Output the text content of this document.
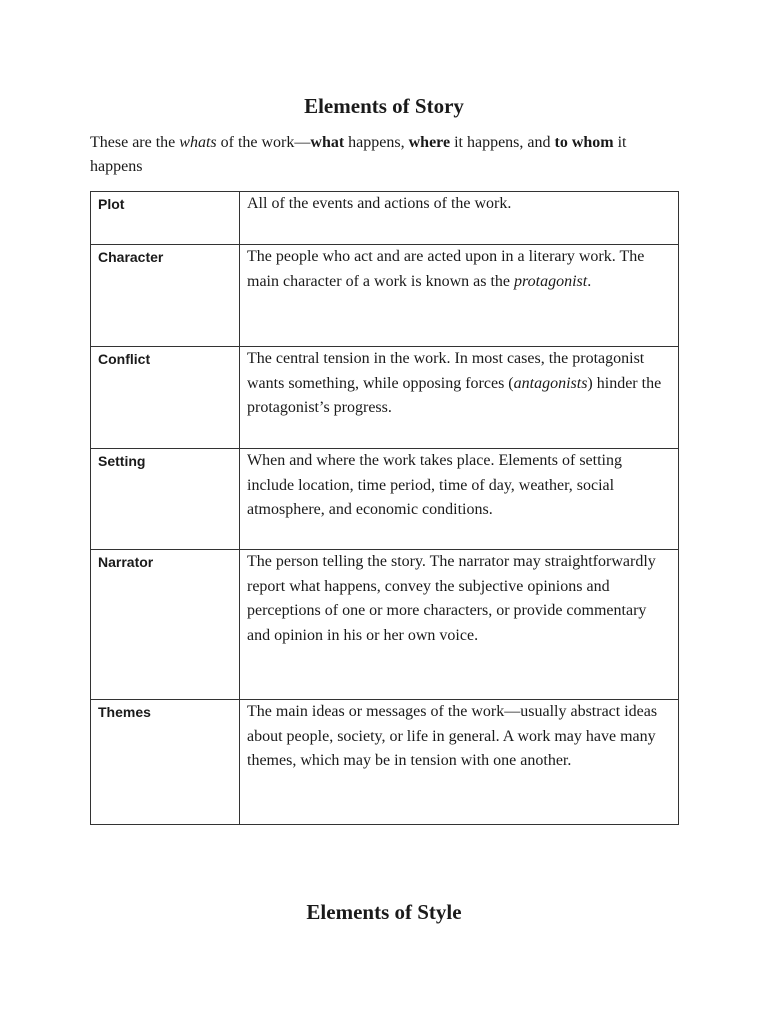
Elements of Story
These are the whats of the work—what happens, where it happens, and to whom it happens
Plot	All of the events and actions of the work.

Character	The people who act and are acted upon in a literary work. The main character of a work is known as the protagonist.

Conflict	The central tension in the work. In most cases, the protagonist wants something, while opposing forces (antagonists) hinder the protagonist’s progress.

Setting	When and where the work takes place. Elements of setting include location, time period, time of day, weather, social atmosphere, and economic conditions.

Narrator	The person telling the story. The narrator may straightforwardly report what happens, convey the subjective opinions and perceptions of one or more characters, or provide commentary and opinion in his or her own voice.

Themes	The main ideas or messages of the work—usually abstract ideas about people, society, or life in general. A work may have many themes, which may be in tension with one another.

Elements of Style
